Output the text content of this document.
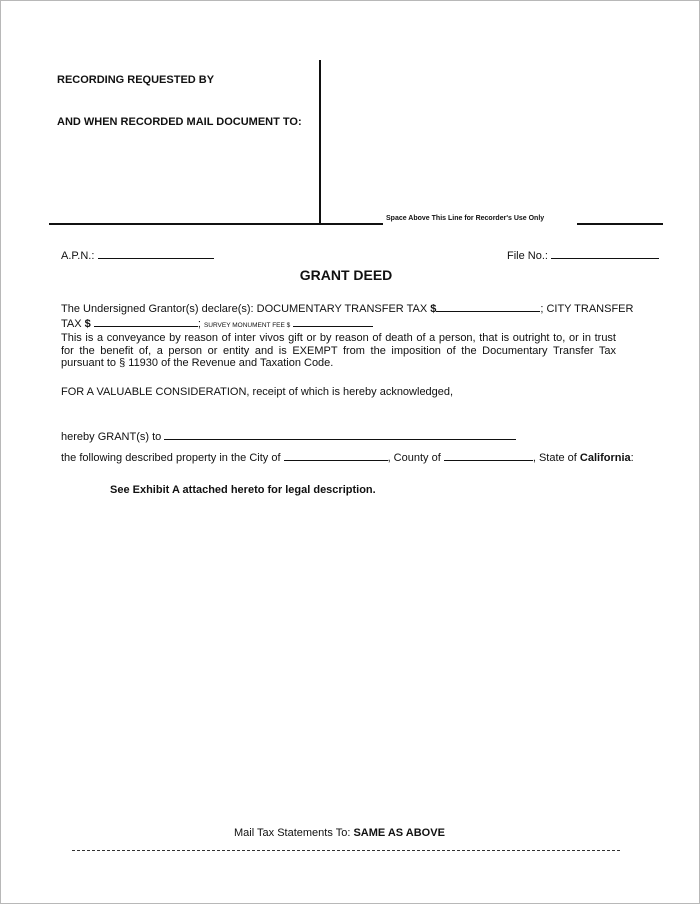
RECORDING REQUESTED BY
AND WHEN RECORDED MAIL DOCUMENT TO:
Space Above This Line for Recorder's Use Only
A.P.N.:	File No.:
GRANT DEED
The Undersigned Grantor(s) declare(s): DOCUMENTARY TRANSFER TAX $	; CITY TRANSFER
TAX $	; SURVEY MONUMENT FEE $
This is a conveyance by reason of inter vivos gift or by reason of death of a person, that is outright to, or in trust for the benefit of, a person or entity and is EXEMPT from the imposition of the Documentary Transfer Tax pursuant to § 11930 of the Revenue and Taxation Code.
FOR A VALUABLE CONSIDERATION, receipt of which is hereby acknowledged,
hereby GRANT(s) to
the following described property in the City of	, County of	, State of California:
See Exhibit A attached hereto for legal description.
Mail Tax Statements To: SAME AS ABOVE
